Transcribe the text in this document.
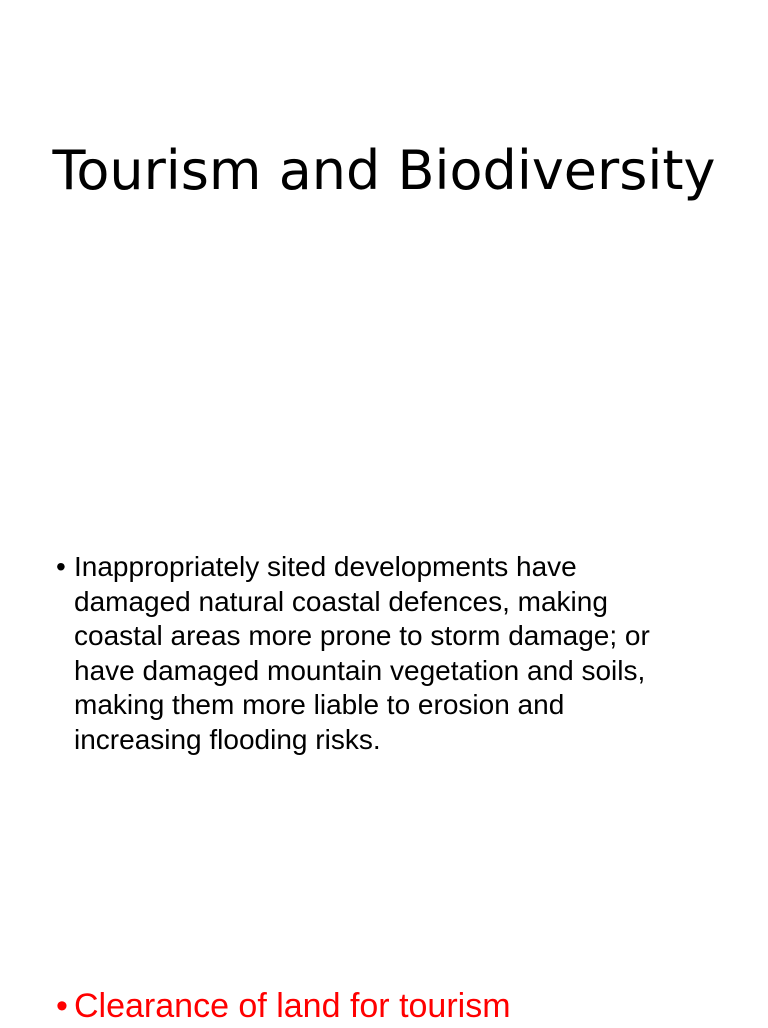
Tourism and Biodiversity
• Inappropriately sited developments have damaged natural coastal defences, making coastal areas more prone to storm damage; or have damaged mountain vegetation and soils, making them more liable to erosion and increasing flooding risks.
• Clearance of land for tourism
